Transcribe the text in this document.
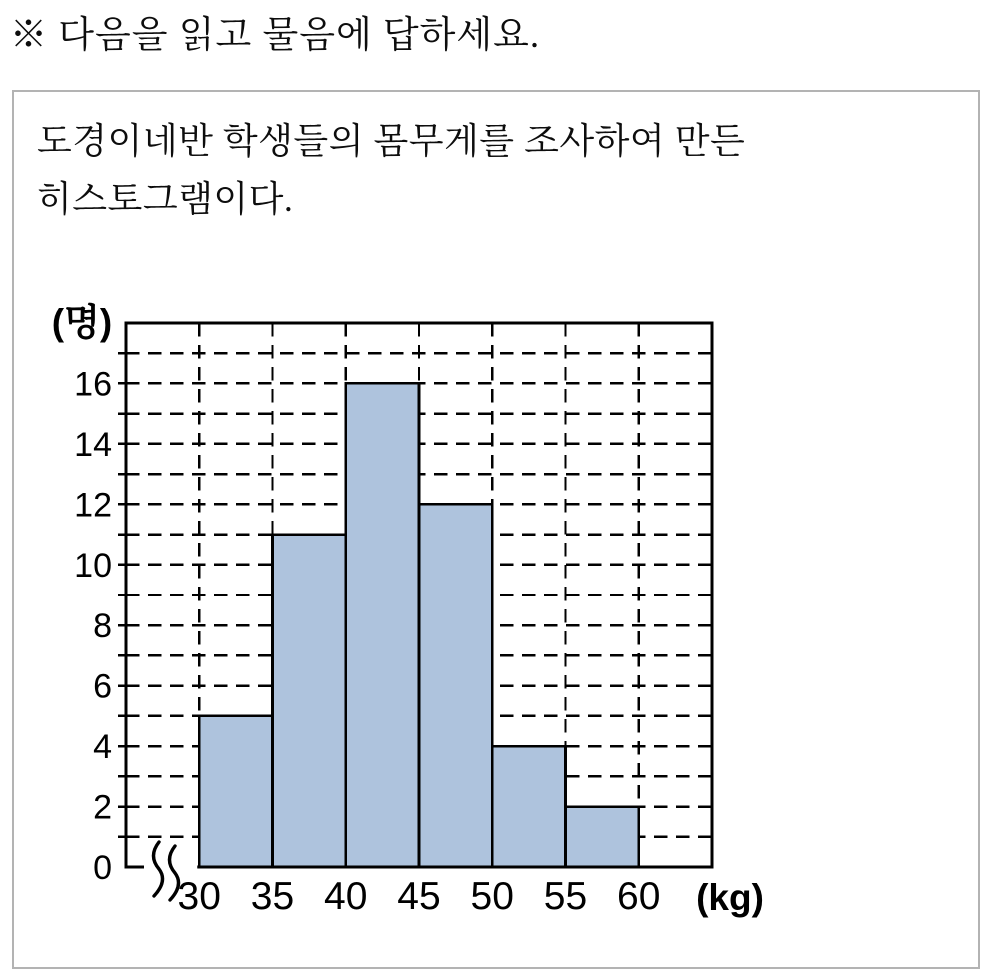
※ 다음을 읽고 물음에 답하세요.

도경이네반 학생들의 몸무게를 조사하여 만든
히스토그램이다.

0
2
4
6
8
10
12
14
16
30 35 40 45 50 55 60
(명)
(kg)
